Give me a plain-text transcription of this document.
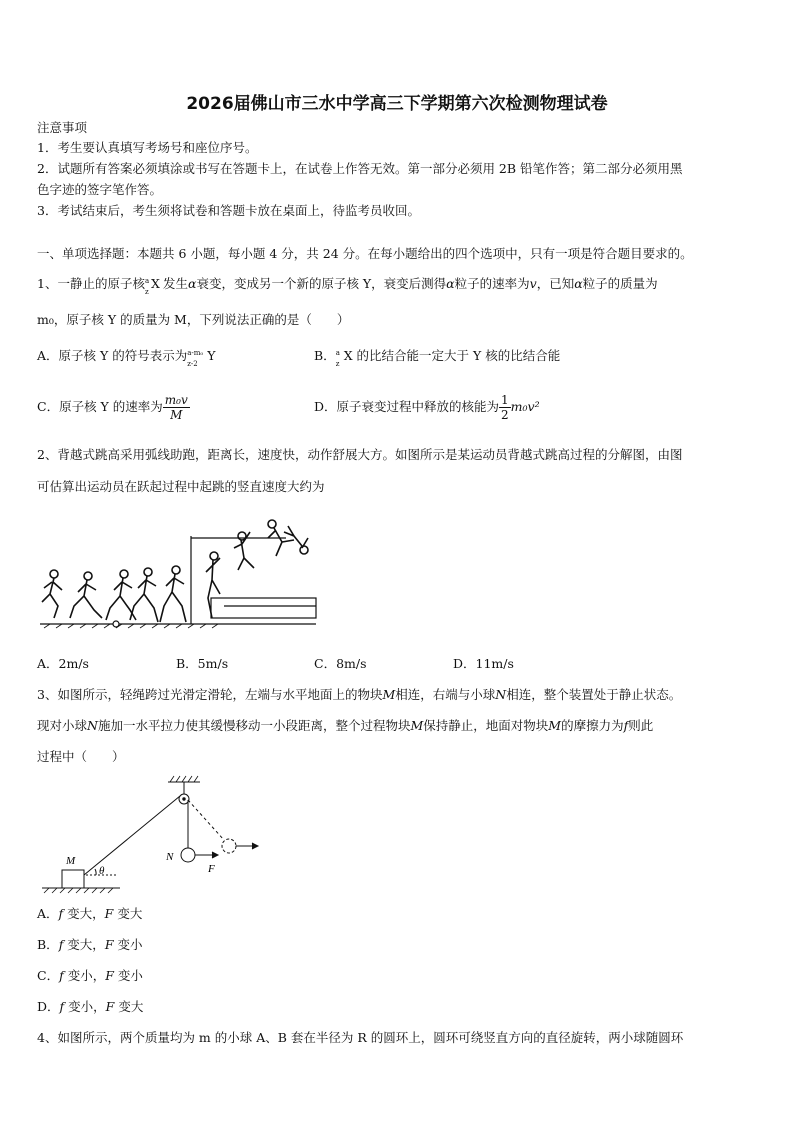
2026届佛山市三水中学高三下学期第六次检测物理试卷
注意事项
1．考生要认真填写考场号和座位序号。
2．试题所有答案必须填涂或书写在答题卡上，在试卷上作答无效。第一部分必须用 2B 铅笔作答；第二部分必须用黑
色字迹的签字笔作答。
3．考试结束后，考生须将试卷和答题卡放在桌面上，待监考员收回。
一、单项选择题：本题共 6 小题，每小题 4 分，共 24 分。在每小题给出的四个选项中，只有一项是符合题目要求的。
1、一静止的原子核 a
z
X 发生α衰变，变成另一个新的原子核 Y，衰变后测得α粒子的速率为v，已知α粒子的质量为
m₀，原子核 Y 的质量为 M，下列说法正确的是（　　）
A．原子核 Y 的符号表示为 a-m₀
z-2
Y	B． a
z
X 的比结合能一定大于 Y 核的比结合能
C．原子核 Y 的速率为 $\frac{\text{m₀v}}{M}$	D．原子衰变过程中释放的核能为 $\frac{1}{2} m_0v^2$
2、背越式跳高采用弧线助跑，距离长，速度快，动作舒展大方。如图所示是某运动员背越式跳高过程的分解图，由图
可估算出运动员在跃起过程中起跳的竖直速度大约为
A．2m/s	B．5m/s	C．8m/s	D．11m/s
3、如图所示，轻绳跨过光滑定滑轮，左端与水平地面上的物块M相连，右端与小球N相连，整个装置处于静止状态。
现对小球N施加一水平拉力使其缓慢移动一小段距离，整个过程物块M保持静止，地面对物块M的摩擦力为f则此
过程中（　　）
M	N
F
θ
A．f 变大，F 变大
B．f 变大，F 变小
C．f 变小，F 变小
D．f 变小，F 变大
4、如图所示，两个质量均为 m 的小球 A、B 套在半径为 R 的圆环上，圆环可绕竖直方向的直径旋转，两小球随圆环
